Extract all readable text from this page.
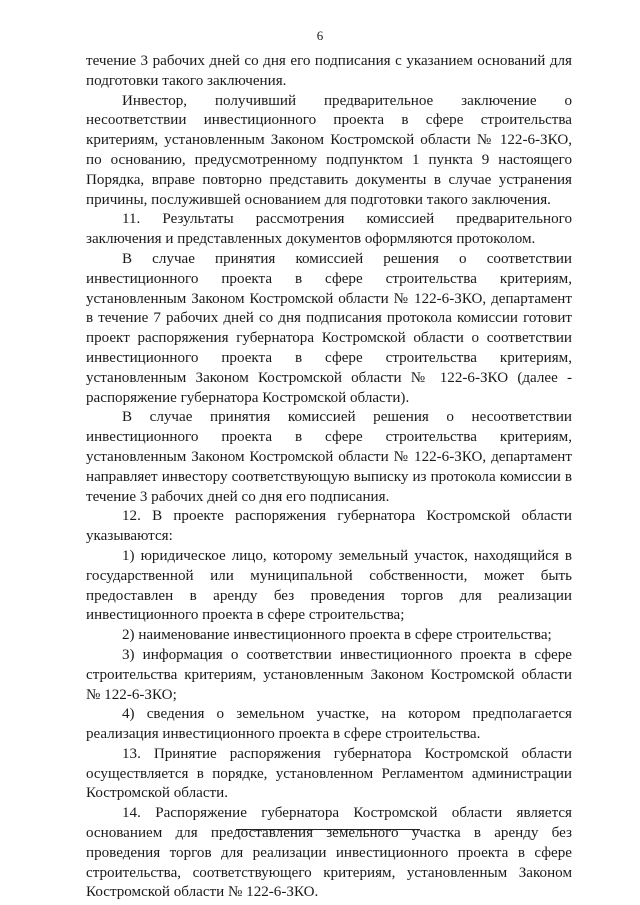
6

течение 3 рабочих дней со дня его подписания с указанием оснований для подготовки такого заключения.

Инвестор, получивший предварительное заключение о несоответствии инвестиционного проекта в сфере строительства критериям, установленным Законом Костромской области № 122-6-ЗКО, по основанию, предусмотренному подпунктом 1 пункта 9 настоящего Порядка, вправе повторно представить документы в случае устранения причины, послужившей основанием для подготовки такого заключения.

11. Результаты рассмотрения комиссией предварительного заключения и представленных документов оформляются протоколом.

В случае принятия комиссией решения о соответствии инвестиционного проекта в сфере строительства критериям, установленным Законом Костромской области № 122-6-ЗКО, департамент в течение 7 рабочих дней со дня подписания протокола комиссии готовит проект распоряжения губернатора Костромской области о соответствии инвестиционного проекта в сфере строительства критериям, установленным Законом Костромской области № 122-6-ЗКО (далее - распоряжение губернатора Костромской области).

В случае принятия комиссией решения о несоответствии инвестиционного проекта в сфере строительства критериям, установленным Законом Костромской области № 122-6-ЗКО, департамент направляет инвестору соответствующую выписку из протокола комиссии в течение 3 рабочих дней со дня его подписания.

12. В проекте распоряжения губернатора Костромской области указываются:

1) юридическое лицо, которому земельный участок, находящийся в государственной или муниципальной собственности, может быть предоставлен в аренду без проведения торгов для реализации инвестиционного проекта в сфере строительства;

2) наименование инвестиционного проекта в сфере строительства;

3) информация о соответствии инвестиционного проекта в сфере строительства критериям, установленным Законом Костромской области № 122-6-ЗКО;

4) сведения о земельном участке, на котором предполагается реализация инвестиционного проекта в сфере строительства.

13. Принятие распоряжения губернатора Костромской области осуществляется в порядке, установленном Регламентом администрации Костромской области.

14. Распоряжение губернатора Костромской области является основанием для предоставления земельного участка в аренду без проведения торгов для реализации инвестиционного проекта в сфере строительства, соответствующего критериям, установленным Законом Костромской области № 122-6-ЗКО.
